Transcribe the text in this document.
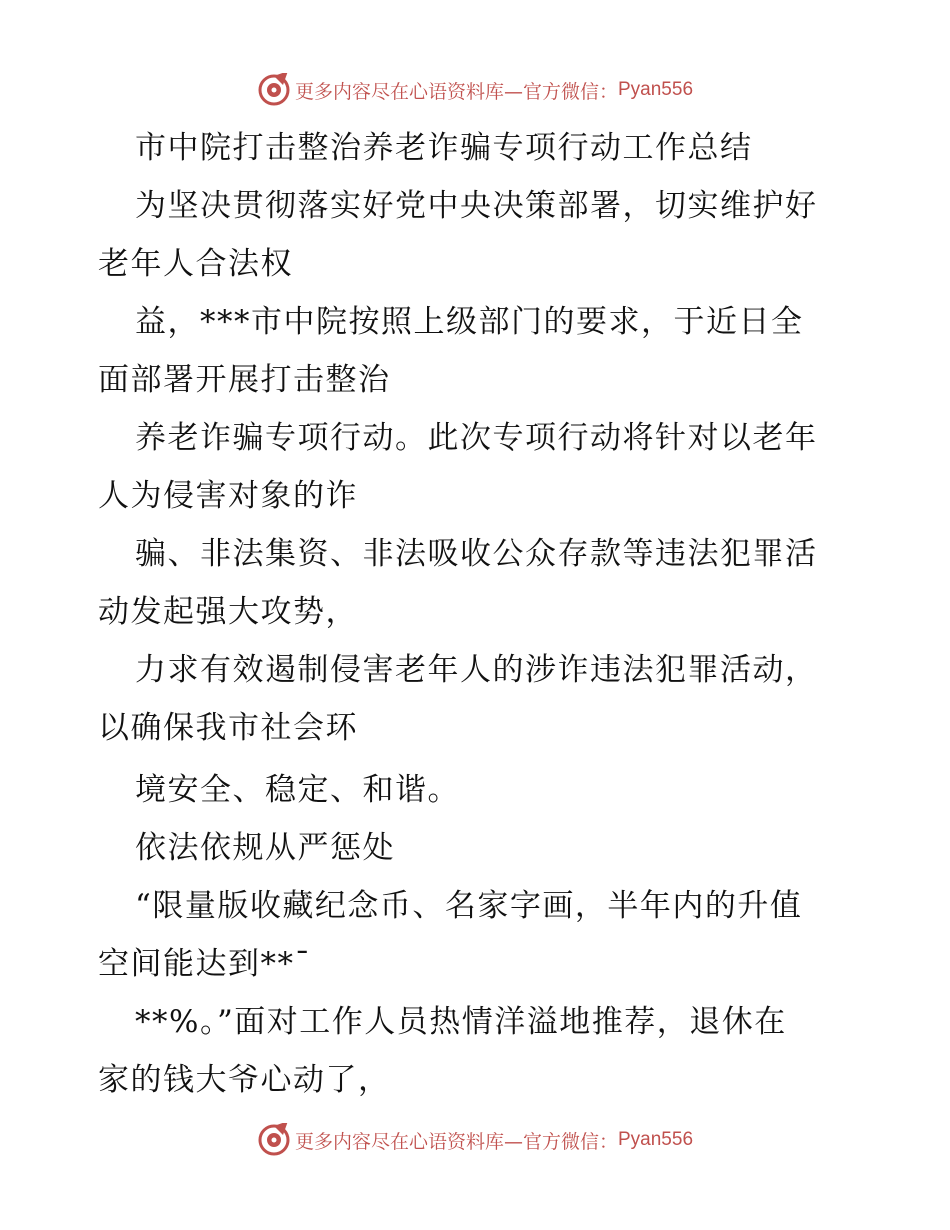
更多内容尽在心语资料库—官方微信： Pyan556
市中院打击整治养老诈骗专项行动工作总结
为坚决贯彻落实好党中央决策部署，切实维护好
老年人合法权
益，***市中院按照上级部门的要求，于近日全
面部署开展打击整治
养老诈骗专项行动。此次专项行动将针对以老年
人为侵害对象的诈
骗、非法集资、非法吸收公众存款等违法犯罪活
动发起强大攻势，
力求有效遏制侵害老年人的涉诈违法犯罪活动，
以确保我市社会环
境安全、稳定、和谐。
依法依规从严惩处
“限量版收藏纪念币、名家字画，半年内的升值
空间能达到**¯
**%。”面对工作人员热情洋溢地推荐，退休在
家的钱大爷心动了，
更多内容尽在心语资料库—官方微信： Pyan556
